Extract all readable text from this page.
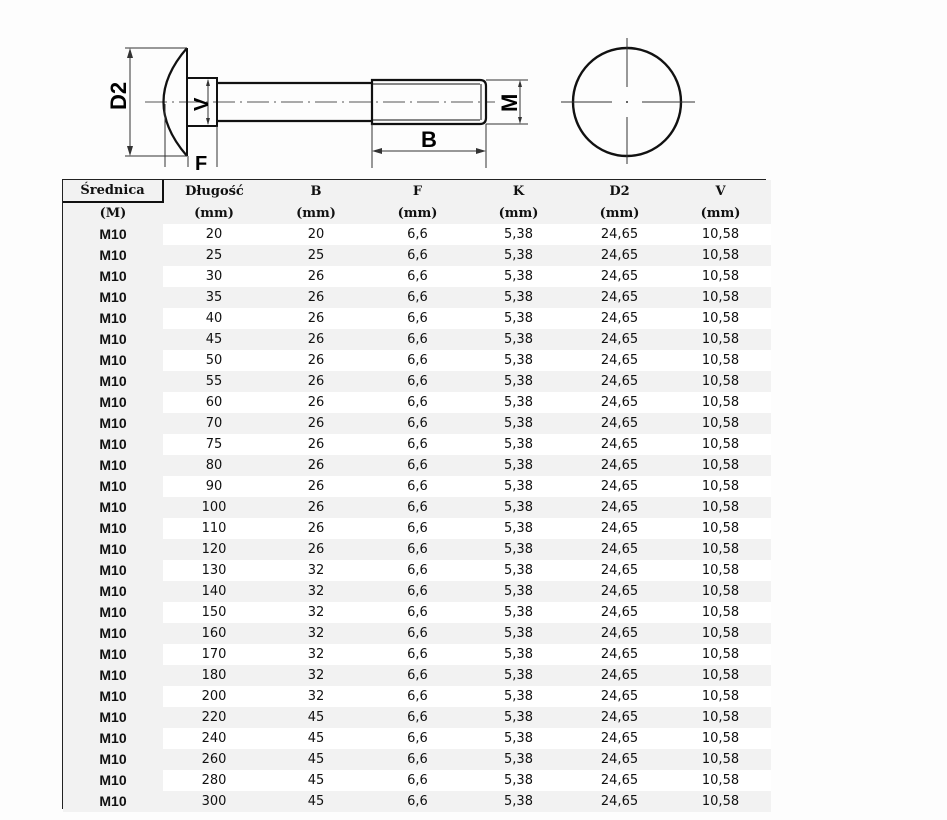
D2
F
V
B
M
Średnica	Długość	B	F	K	D2	V
(M)	(mm)	(mm)	(mm)	(mm)	(mm)	(mm)
M10	20	20	6,6	5,38	24,65	10,58
M10	25	25	6,6	5,38	24,65	10,58
M10	30	26	6,6	5,38	24,65	10,58
M10	35	26	6,6	5,38	24,65	10,58
M10	40	26	6,6	5,38	24,65	10,58
M10	45	26	6,6	5,38	24,65	10,58
M10	50	26	6,6	5,38	24,65	10,58
M10	55	26	6,6	5,38	24,65	10,58
M10	60	26	6,6	5,38	24,65	10,58
M10	70	26	6,6	5,38	24,65	10,58
M10	75	26	6,6	5,38	24,65	10,58
M10	80	26	6,6	5,38	24,65	10,58
M10	90	26	6,6	5,38	24,65	10,58
M10	100	26	6,6	5,38	24,65	10,58
M10	110	26	6,6	5,38	24,65	10,58
M10	120	26	6,6	5,38	24,65	10,58
M10	130	32	6,6	5,38	24,65	10,58
M10	140	32	6,6	5,38	24,65	10,58
M10	150	32	6,6	5,38	24,65	10,58
M10	160	32	6,6	5,38	24,65	10,58
M10	170	32	6,6	5,38	24,65	10,58
M10	180	32	6,6	5,38	24,65	10,58
M10	200	32	6,6	5,38	24,65	10,58
M10	220	45	6,6	5,38	24,65	10,58
M10	240	45	6,6	5,38	24,65	10,58
M10	260	45	6,6	5,38	24,65	10,58
M10	280	45	6,6	5,38	24,65	10,58
M10	300	45	6,6	5,38	24,65	10,58
